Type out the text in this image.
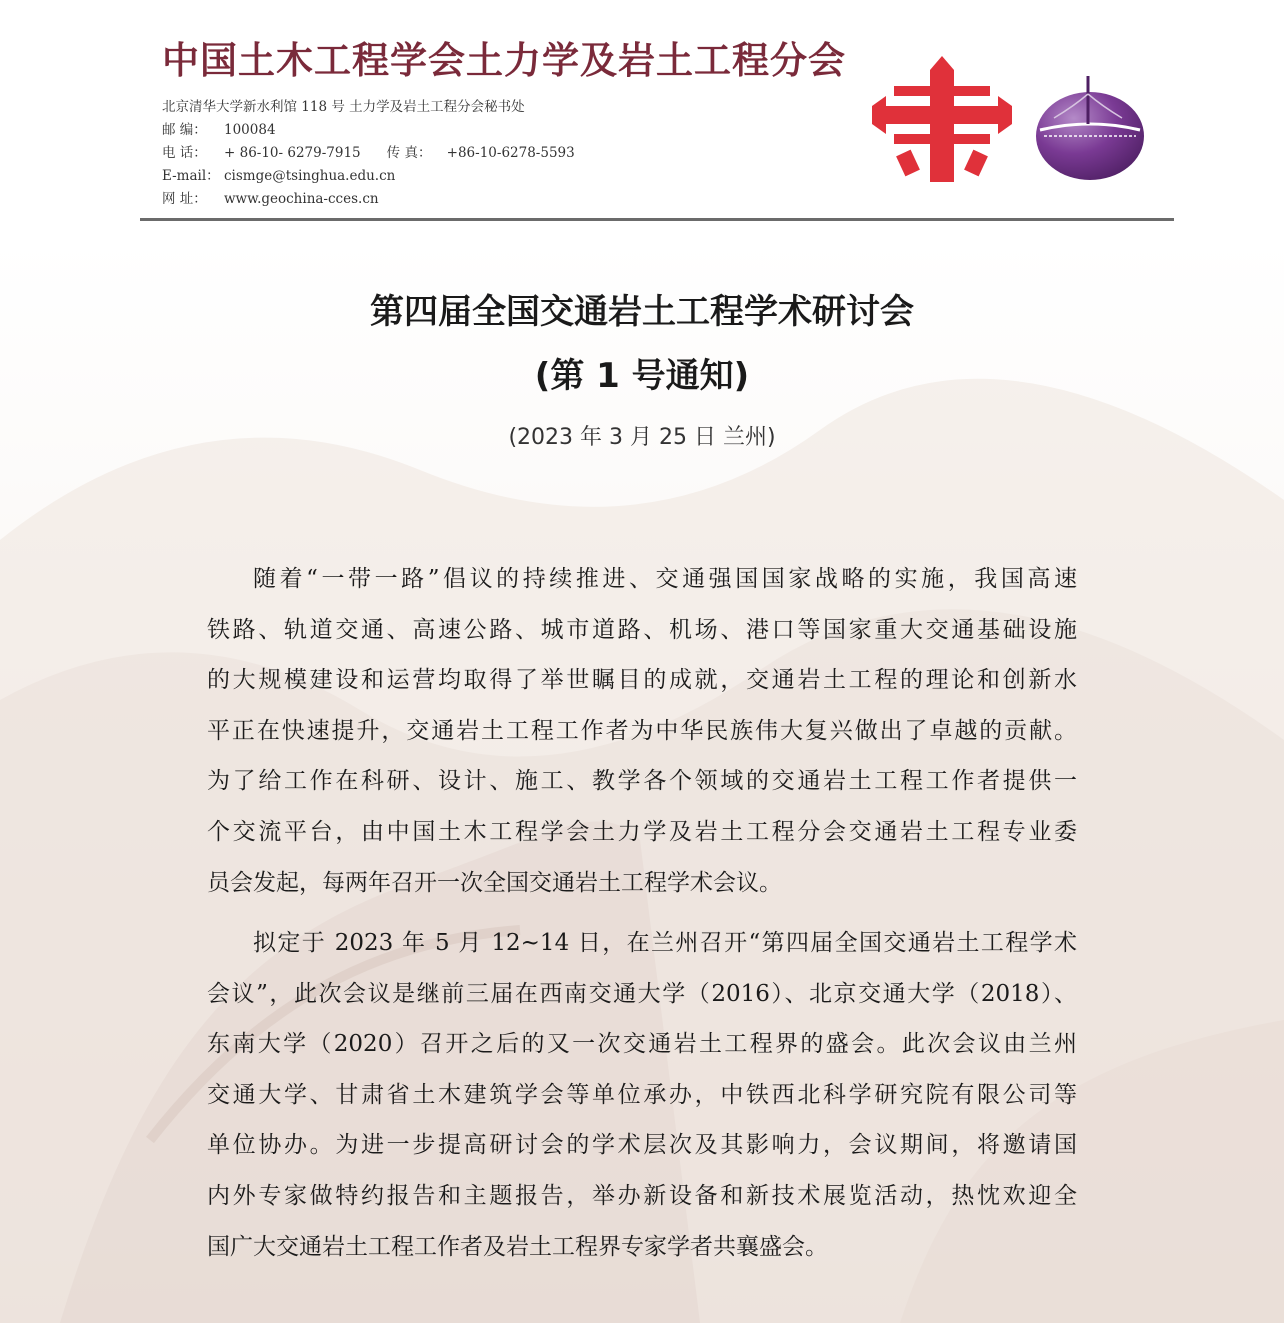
中国土木工程学会土力学及岩土工程分会
北京清华大学新水利馆 118 号 土力学及岩土工程分会秘书处
邮 编： 100084
电 话： + 86-10- 6279-7915 传 真： +86-10-6278-5593
E-mail： cismge@tsinghua.edu.cn
网 址： www.geochina-cces.cn
第四届全国交通岩土工程学术研讨会
(第 1 号通知)
(2023 年 3 月 25 日 兰州)
随着“一带一路”倡议的持续推进、交通强国国家战略的实施，我国高速
铁路、轨道交通、高速公路、城市道路、机场、港口等国家重大交通基础设施
的大规模建设和运营均取得了举世瞩目的成就，交通岩土工程的理论和创新水
平正在快速提升，交通岩土工程工作者为中华民族伟大复兴做出了卓越的贡献。
为了给工作在科研、设计、施工、教学各个领域的交通岩土工程工作者提供一
个交流平台，由中国土木工程学会土力学及岩土工程分会交通岩土工程专业委
员会发起，每两年召开一次全国交通岩土工程学术会议。
拟定于 2023 年 5 月 12~14 日，在兰州召开“第四届全国交通岩土工程学术
会议”，此次会议是继前三届在西南交通大学（2016）、北京交通大学（2018）、
东南大学（2020）召开之后的又一次交通岩土工程界的盛会。此次会议由兰州
交通大学、甘肃省土木建筑学会等单位承办，中铁西北科学研究院有限公司等
单位协办。为进一步提高研讨会的学术层次及其影响力，会议期间，将邀请国
内外专家做特约报告和主题报告，举办新设备和新技术展览活动，热忱欢迎全
国广大交通岩土工程工作者及岩土工程界专家学者共襄盛会。
